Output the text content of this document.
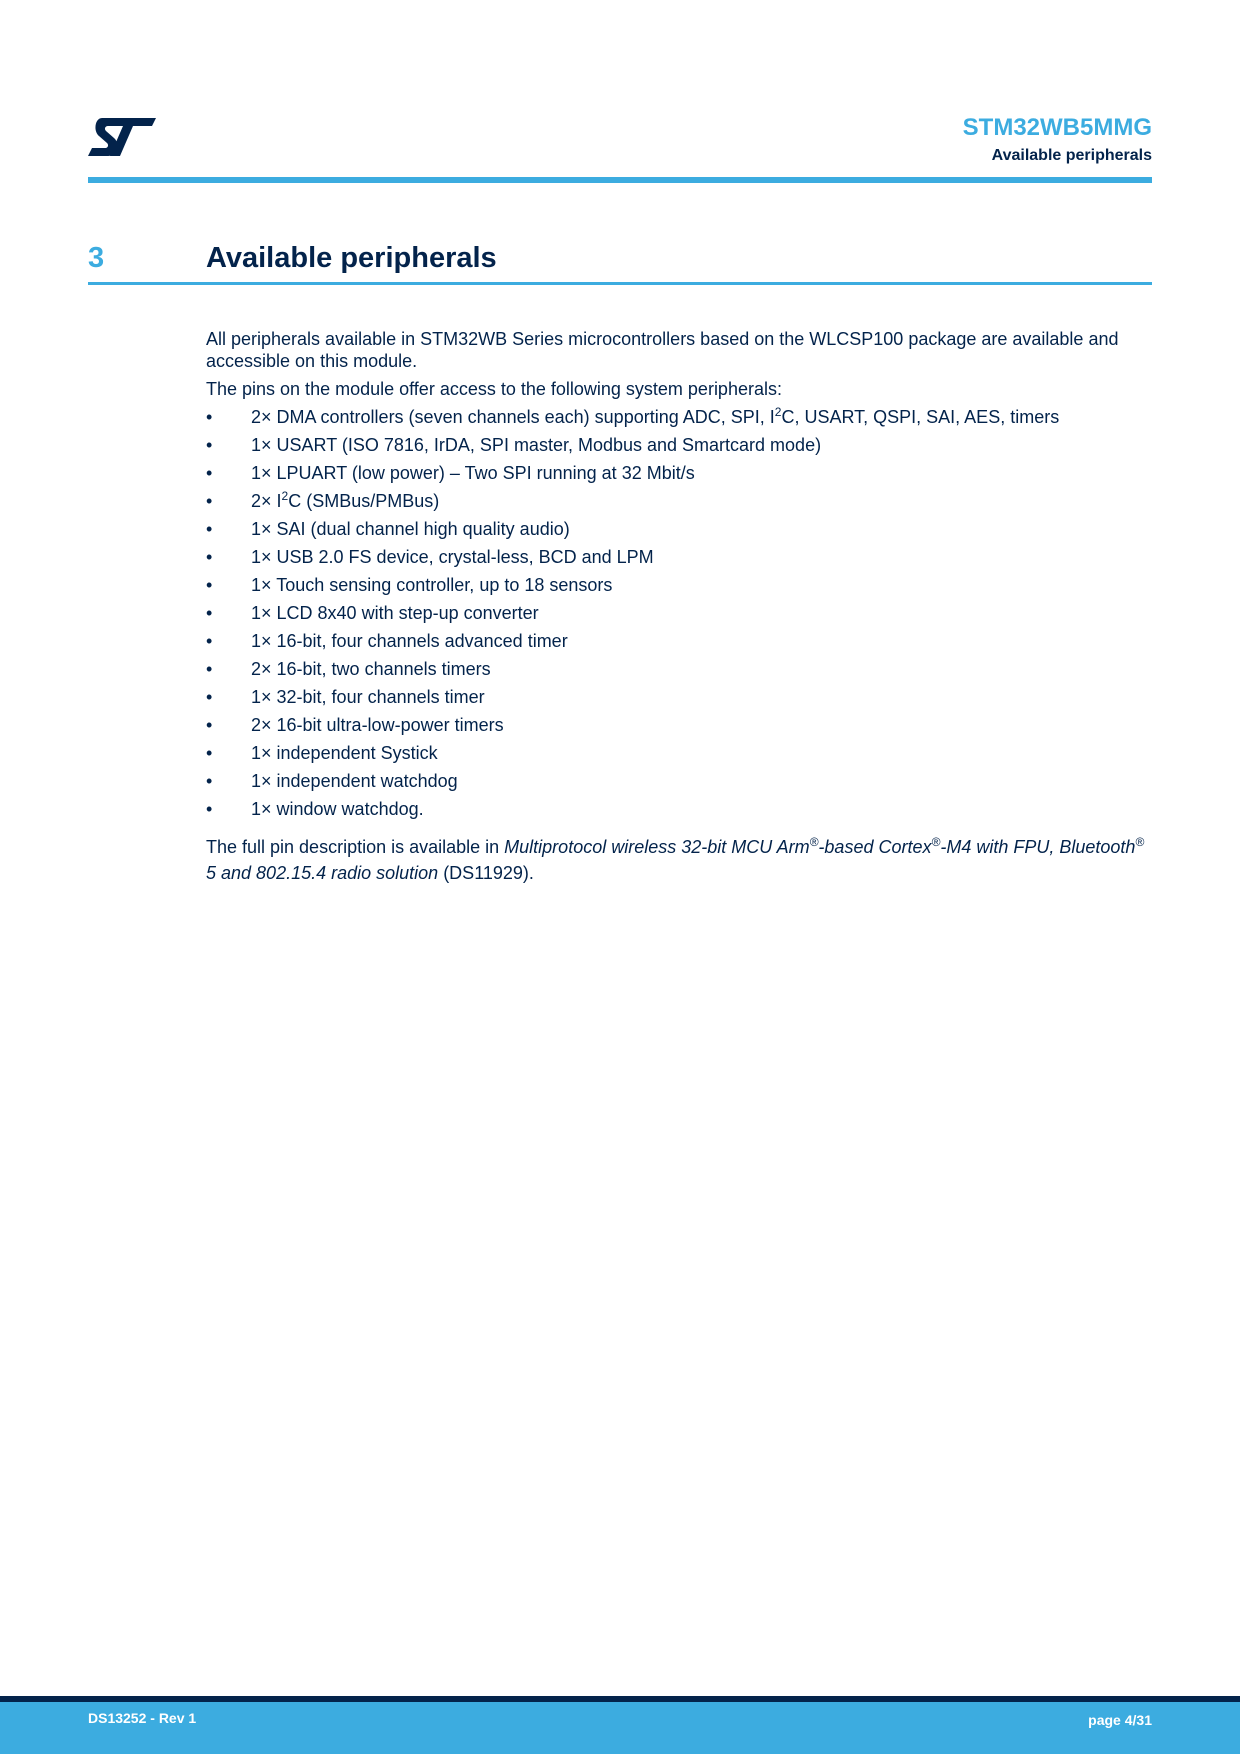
STM32WB5MMG
Available peripherals
3	Available peripherals

All peripherals available in STM32WB Series microcontrollers based on the WLCSP100 package are available and accessible on this module.

The pins on the module offer access to the following system peripherals:

• 2× DMA controllers (seven channels each) supporting ADC, SPI, $I^2C$, USART, QSPI, SAI, AES, timers
• 1× USART (ISO 7816, IrDA, SPI master, Modbus and Smartcard mode)
• 1× LPUART (low power) – Two SPI running at 32 Mbit/s
• $2\times I^2C$ (SMBus/PMBus)
• 1× SAI (dual channel high quality audio)
• 1× USB 2.0 FS device, crystal-less, BCD and LPM
• 1× Touch sensing controller, up to 18 sensors
• 1× LCD 8x40 with step-up converter
• 1× 16-bit, four channels advanced timer
• 2× 16-bit, two channels timers
• 1× 32-bit, four channels timer
• 2× 16-bit ultra-low-power timers
• 1× independent Systick
• 1× independent watchdog
• 1× window watchdog.

The full pin description is available in Multiprotocol wireless 32-bit MCU Arm®-based Cortex®-M4 with FPU, Bluetooth® 5 and 802.15.4 radio solution (DS11929).

DS13252 - Rev 1	page 4/31
